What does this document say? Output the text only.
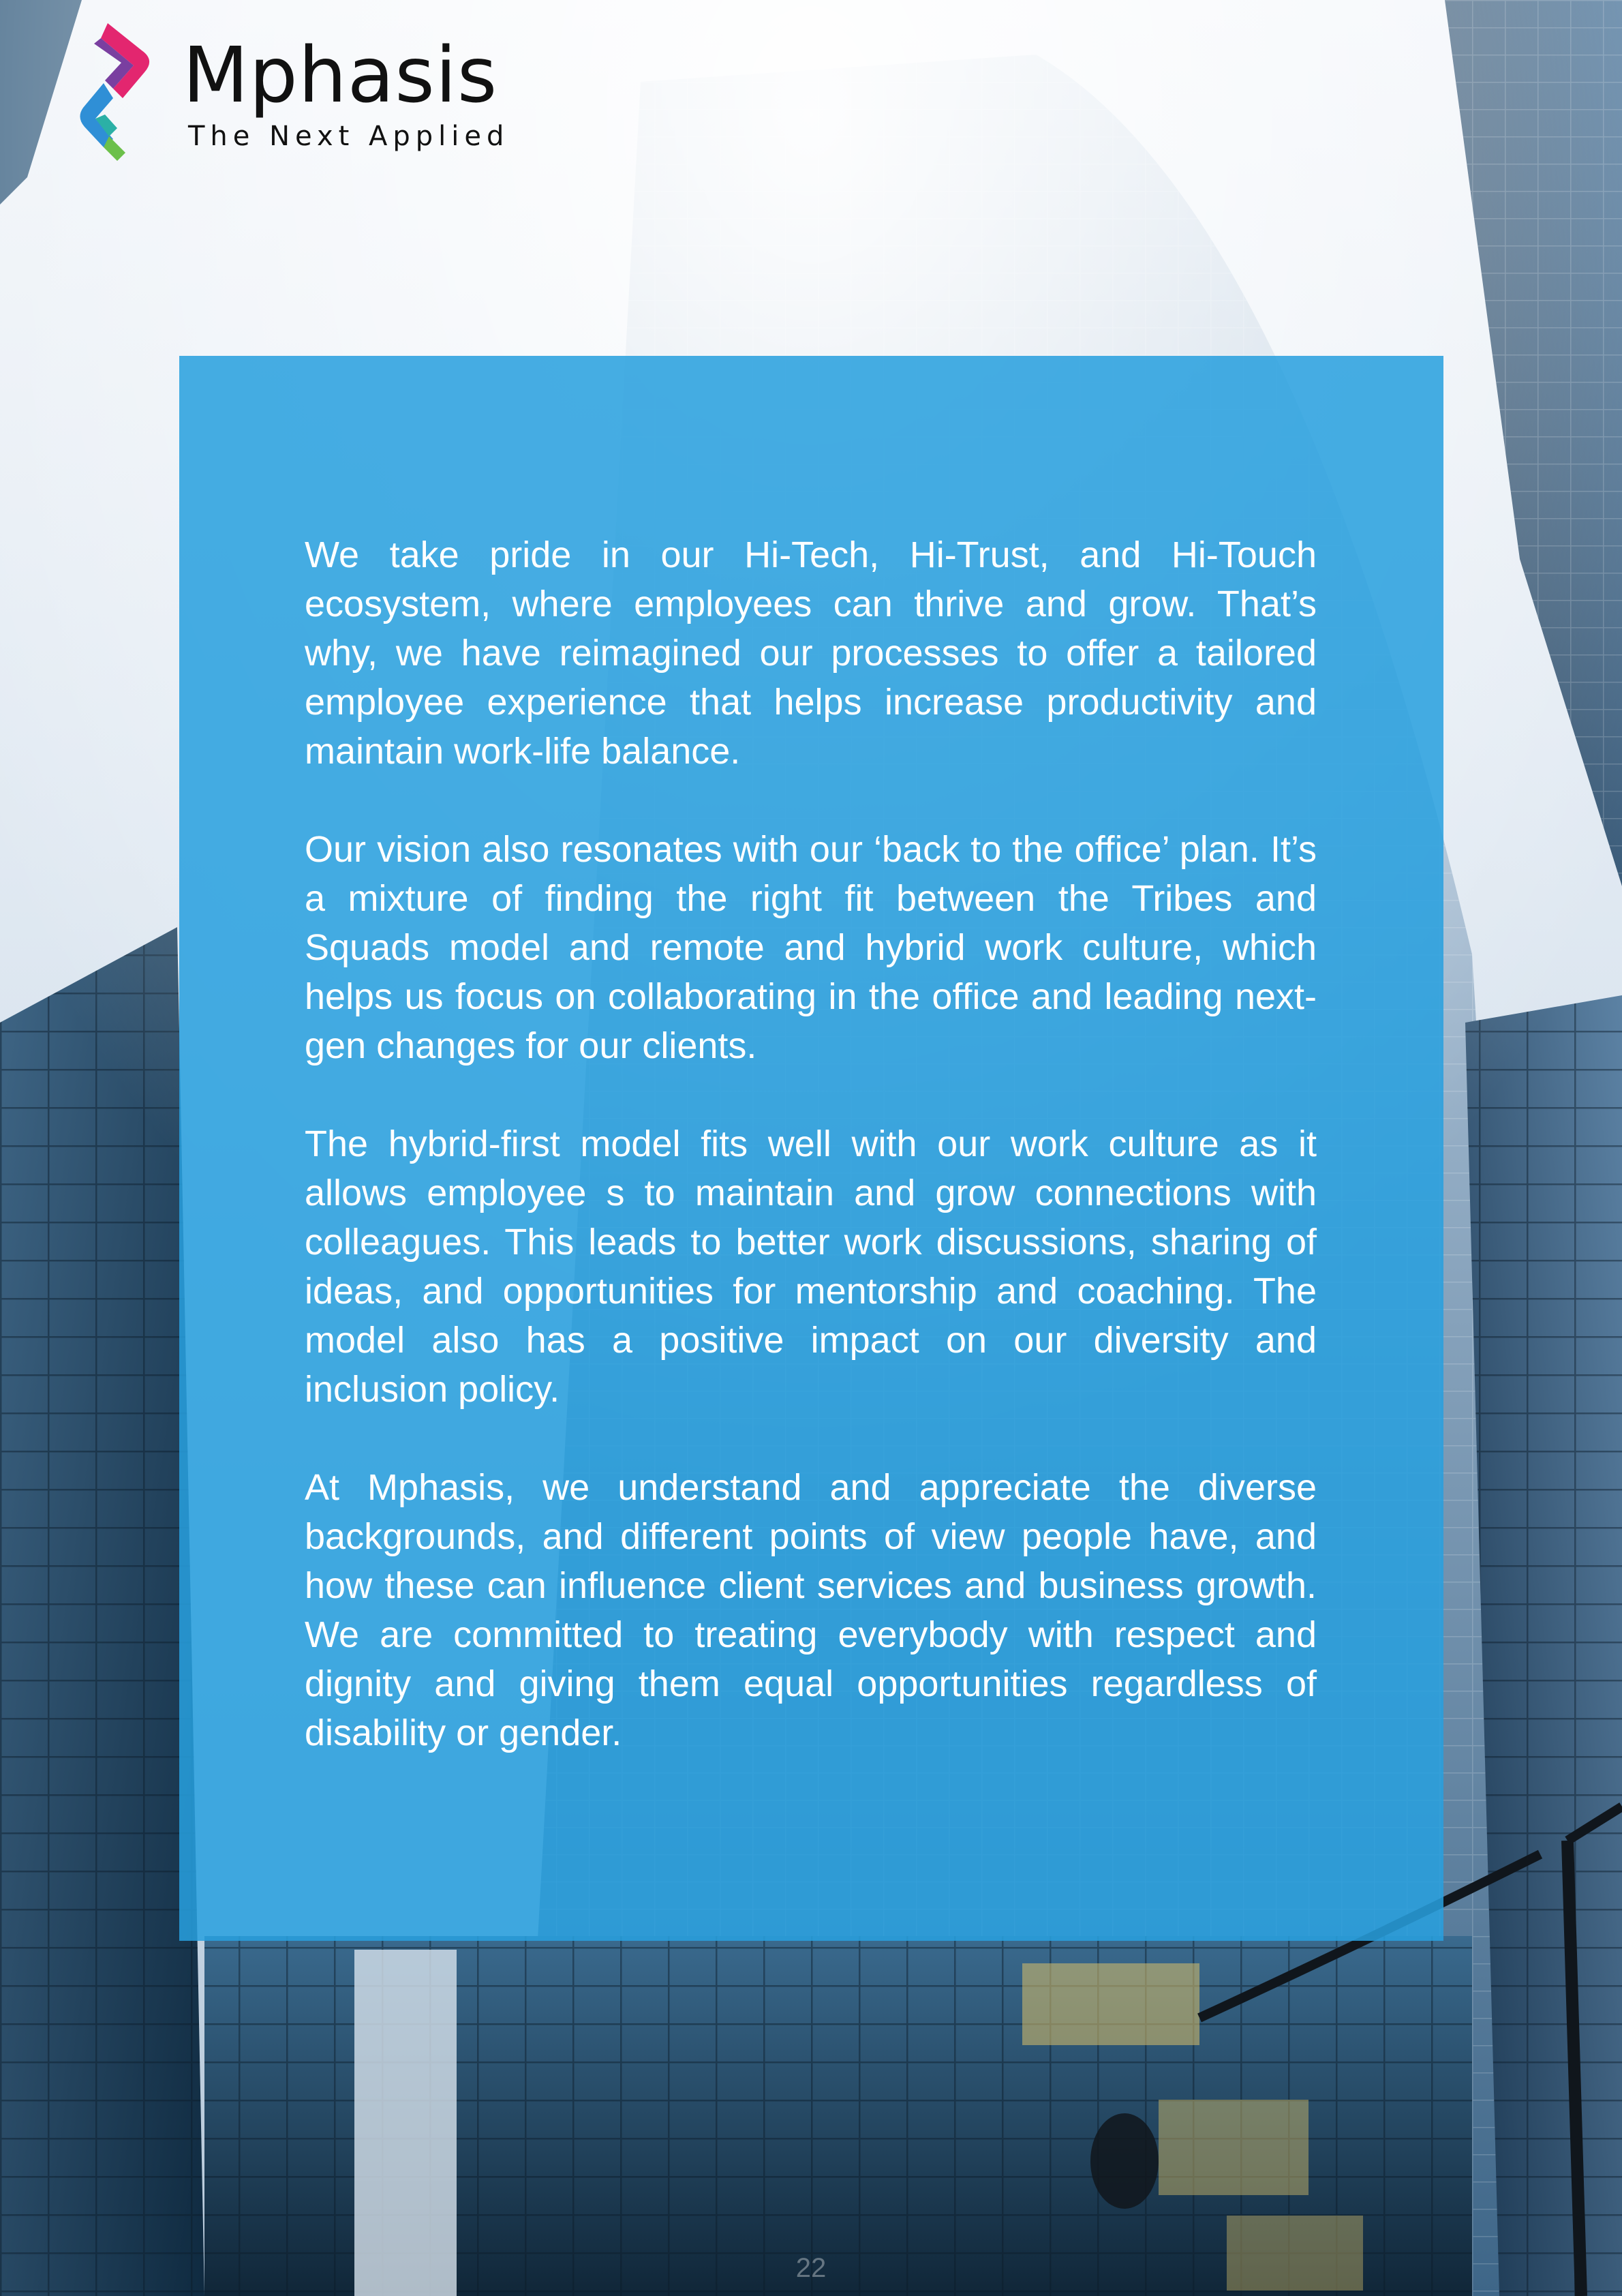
Mphasis

The Next Applied

We take pride in our Hi-Tech, Hi-Trust, and Hi-Touch ecosystem, where employees can thrive and grow. That’s why, we have reimagined our processes to offer a tailored employee experience that helps increase productivity and maintain work-life balance.

Our vision also resonates with our ‘back to the office’ plan. It’s a mixture of finding the right fit between the Tribes and Squads model and remote and hybrid work culture, which helps us focus on collaborating in the office and leading next-gen changes for our clients.

The hybrid-first model fits well with our work culture as it allows employee s to maintain and grow connections with colleagues. This leads to better work discussions, sharing of ideas, and opportunities for mentorship and coaching. The model also has a positive impact on our diversity and inclusion policy.

At Mphasis, we understand and appreciate the diverse backgrounds, and different points of view people have, and how these can influence client services and business growth. We are committed to treating everybody with respect and dignity and giving them equal opportunities regardless of disability or gender.

22
